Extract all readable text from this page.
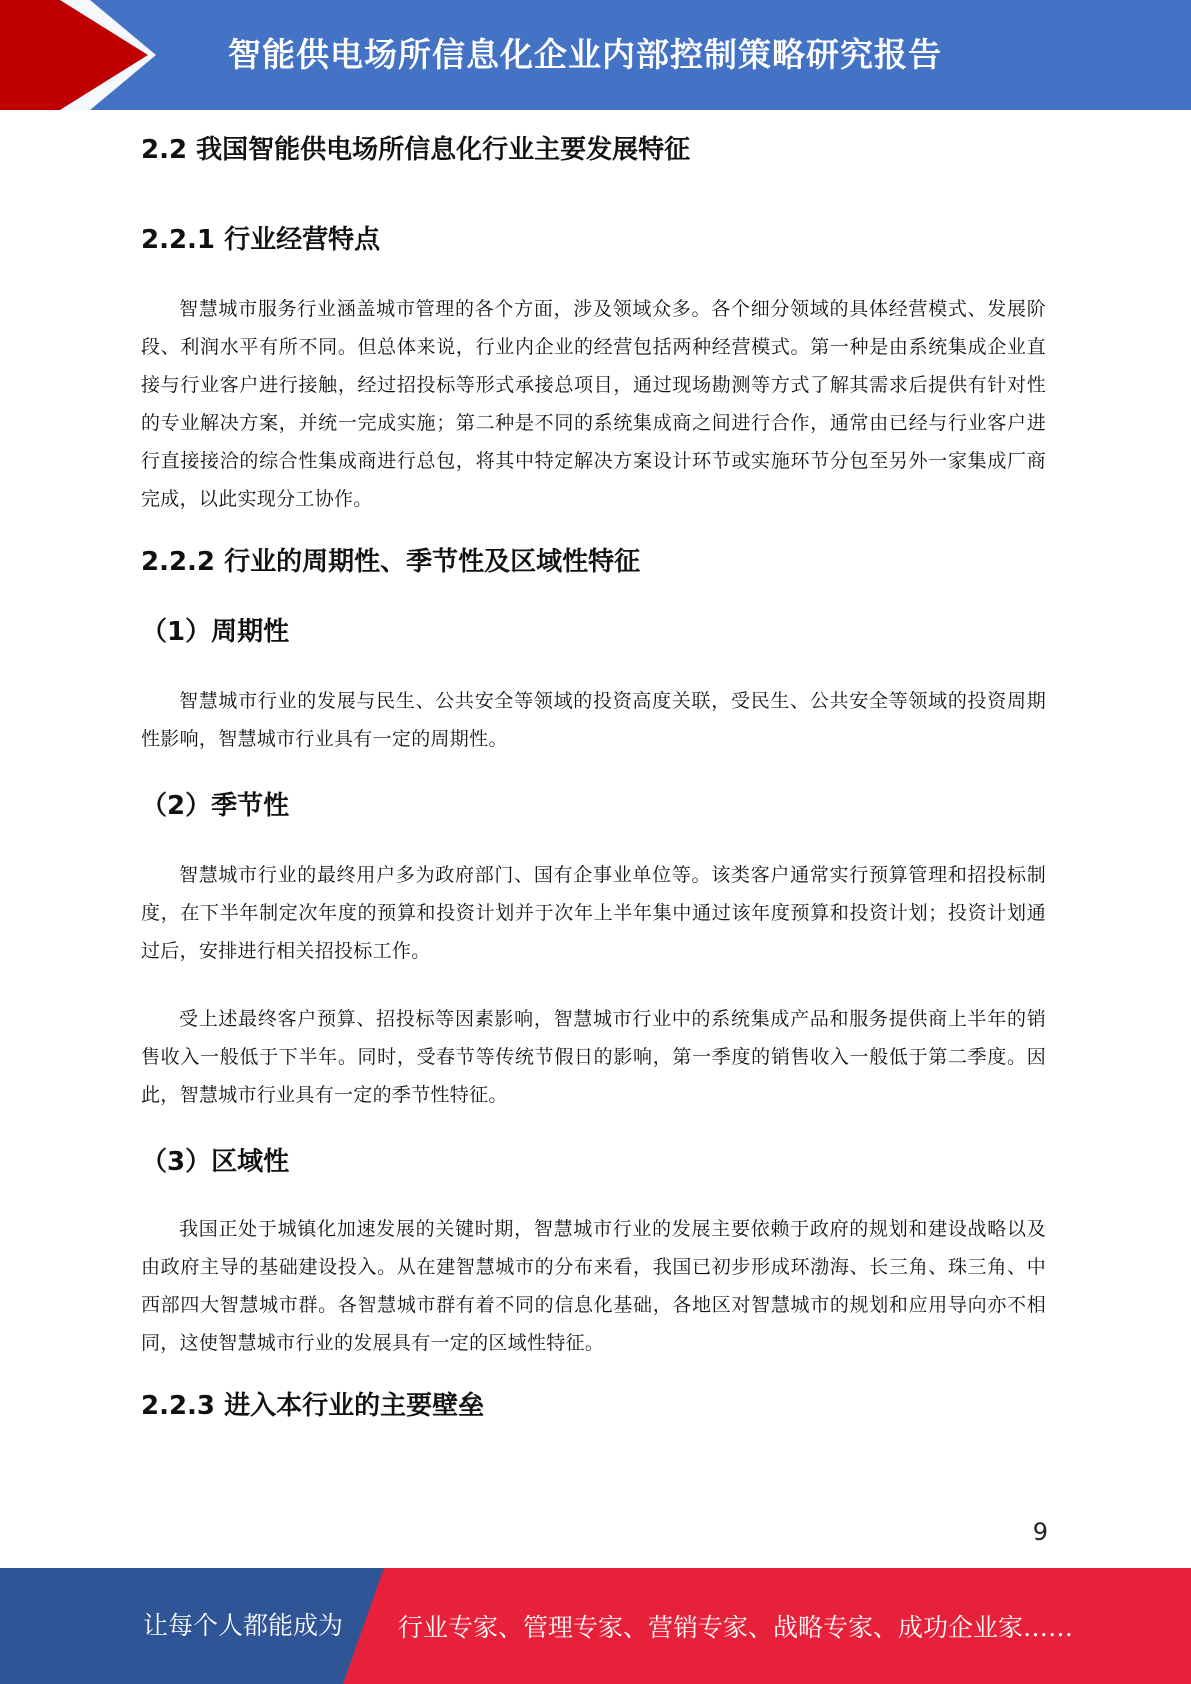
智能供电场所信息化企业内部控制策略研究报告
2.2 我国智能供电场所信息化行业主要发展特征
2.2.1 行业经营特点

智慧城市服务行业涵盖城市管理的各个方面，涉及领域众多。各个细分领域的具体经营模式、发展阶段、利润水平有所不同。但总体来说，行业内企业的经营包括两种经营模式。第一种是由系统集成企业直接与行业客户进行接触，经过招投标等形式承接总项目，通过现场勘测等方式了解其需求后提供有针对性的专业解决方案，并统一完成实施；第二种是不同的系统集成商之间进行合作，通常由已经与行业客户进行直接接洽的综合性集成商进行总包，将其中特定解决方案设计环节或实施环节分包至另外一家集成厂商完成，以此实现分工协作。

2.2.2 行业的周期性、季节性及区域性特征
（1）周期性

智慧城市行业的发展与民生、公共安全等领域的投资高度关联，受民生、公共安全等领域的投资周期性影响，智慧城市行业具有一定的周期性。

（2）季节性

智慧城市行业的最终用户多为政府部门、国有企事业单位等。该类客户通常实行预算管理和招投标制度，在下半年制定次年度的预算和投资计划并于次年上半年集中通过该年度预算和投资计划；投资计划通过后，安排进行相关招投标工作。

受上述最终客户预算、招投标等因素影响，智慧城市行业中的系统集成产品和服务提供商上半年的销售收入一般低于下半年。同时，受春节等传统节假日的影响，第一季度的销售收入一般低于第二季度。因此，智慧城市行业具有一定的季节性特征。

（3）区域性

我国正处于城镇化加速发展的关键时期，智慧城市行业的发展主要依赖于政府的规划和建设战略以及由政府主导的基础建设投入。从在建智慧城市的分布来看，我国已初步形成环渤海、长三角、珠三角、中西部四大智慧城市群。各智慧城市群有着不同的信息化基础，各地区对智慧城市的规划和应用导向亦不相同，这使智慧城市行业的发展具有一定的区域性特征。

2.2.3 进入本行业的主要壁垒
9
让每个人都能成为 行业专家、管理专家、营销专家、战略专家、成功企业家……
